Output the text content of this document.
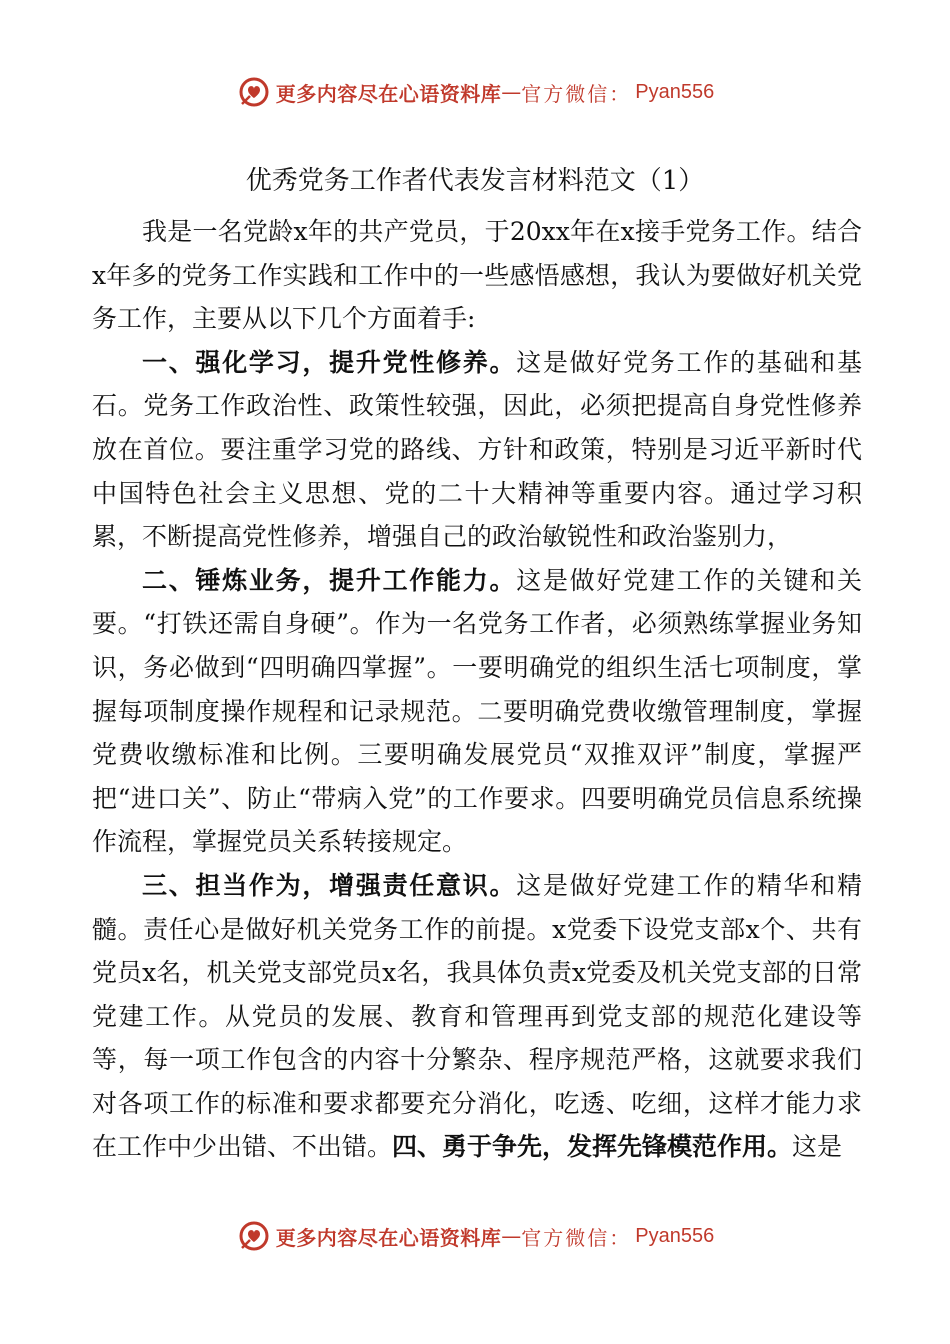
更多内容尽在心语资料库 — 官方微信： Pyan556
优秀党务工作者代表发言材料范文（1）

我是一名党龄x年的共产党员，于20xx年在x接手党务工作。结合x年多的党务工作实践和工作中的一些感悟感想，我认为要做好机关党务工作，主要从以下几个方面着手:

一、强化学习，提升党性修养。这是做好党务工作的基础和基石。党务工作政治性、政策性较强，因此，必须把提高自身党性修养放在首位。要注重学习党的路线、方针和政策，特别是习近平新时代中国特色社会主义思想、党的二十大精神等重要内容。通过学习积累，不断提高党性修养，增强自己的政治敏锐性和政治鉴别力，

二、锤炼业务，提升工作能力。这是做好党建工作的关键和关要。“打铁还需自身硬”。作为一名党务工作者，必须熟练掌握业务知识，务必做到“四明确四掌握”。一要明确党的组织生活七项制度，掌握每项制度操作规程和记录规范。二要明确党费收缴管理制度，掌握党费收缴标准和比例。三要明确发展党员“双推双评”制度，掌握严把“进口关”、防止“带病入党”的工作要求。四要明确党员信息系统操作流程，掌握党员关系转接规定。

三、担当作为，增强责任意识。这是做好党建工作的精华和精髓。责任心是做好机关党务工作的前提。x党委下设党支部x个、共有党员x名，机关党支部党员x名，我具体负责x党委及机关党支部的日常党建工作。从党员的发展、教育和管理再到党支部的规范化建设等等，每一项工作包含的内容十分繁杂、程序规范严格，这就要求我们对各项工作的标准和要求都要充分消化，吃透、吃细，这样才能力求在工作中少出错、不出错。四、勇于争先，发挥先锋模范作用。这是

更多内容尽在心语资料库 — 官方微信： Pyan556
